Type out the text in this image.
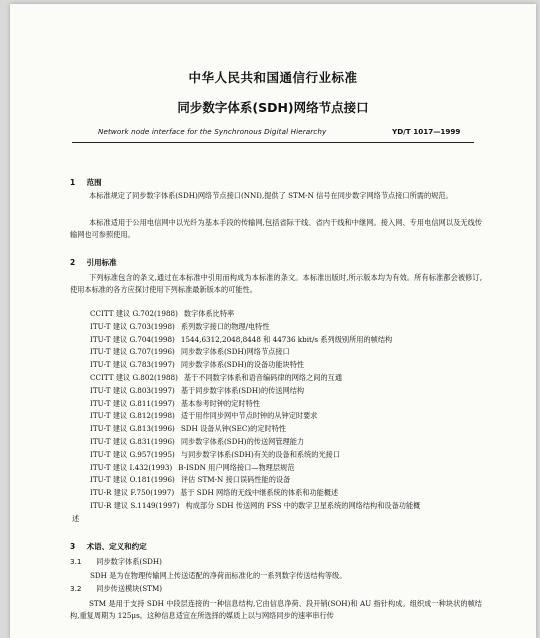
中华人民共和国通信行业标准
同步数字体系(SDH)网络节点接口
Network node interface for the Synchronous Digital Hierarchy	YD/T 1017—1999
1 范围
本标准规定了同步数字体系(SDH)网络节点接口(NNI),提供了 STM-N 信号在同步数字网络节点接口所需的规范。
本标准适用于公用电信网中以光纤为基本手段的传输网,包括省际干线、省内干线和中继网。接入网、专用电信网以及无线传输网也可参照使用。
2 引用标准
下列标准包含的条文,通过在本标准中引用而构成为本标准的条文。本标准出版时,所示版本均为有效。所有标准都会被修订,使用本标准的各方应探讨使用下列标准最新版本的可能性。
CCITT 建议 G.702(1988) 数字体系比特率
ITU-T 建议 G.703(1998) 系列数字接口的物理/电特性
ITU-T 建议 G.704(1998) 1544,6312,2048,8448 和 44736 kbit/s 系列级别所用的帧结构
ITU-T 建议 G.707(1996) 同步数字体系(SDH)网络节点接口
ITU-T 建议 G.783(1997) 同步数字体系(SDH)的设备功能块特性
CCITT 建议 G.802(1988) 基于不同数字体系和语音编码律的网络之间的互通
ITU-T 建议 G.803(1997) 基于同步数字体系(SDH)的传送网结构
ITU-T 建议 G.811(1997) 基本参考时钟的定时特性
ITU-T 建议 G.812(1998) 适于用作同步网中节点时钟的从钟定时要求
ITU-T 建议 G.813(1996) SDH 设备从钟(SEC)的定时特性
ITU-T 建议 G.831(1996) 同步数字体系(SDH)的传送网管理能力
ITU-T 建议 G.957(1995) 与同步数字体系(SDH)有关的设备和系统的光接口
ITU-T 建议 I.432(1993) B-ISDN 用户网络接口—物理层规范
ITU-T 建议 O.181(1996) 评估 STM-N 接口误码性能的设备
ITU-R 建议 F.750(1997) 基于 SDH 网络的无线中继系统的体系和功能概述
ITU-R 建议 S.1149(1997) 构成部分 SDH 传送网的 FSS 中的数字卫星系统的网络结构和设备功能概
述
3 术语、定义和约定
3.1 同步数字体系(SDH)
SDH 是为在物理传输网上传送适配的净荷而标准化的一系列数字传送结构等级。
3.2 同步传送模块(STM)
STM 是用于支持 SDH 中段层连接的一种信息结构,它由信息净荷、段开销(SOH)和 AU 指针构成。组织成一种块状的帧结构,重复周期为 125μs。这种信息适宜在所选择的媒质上以与网络同步的速率串行传
